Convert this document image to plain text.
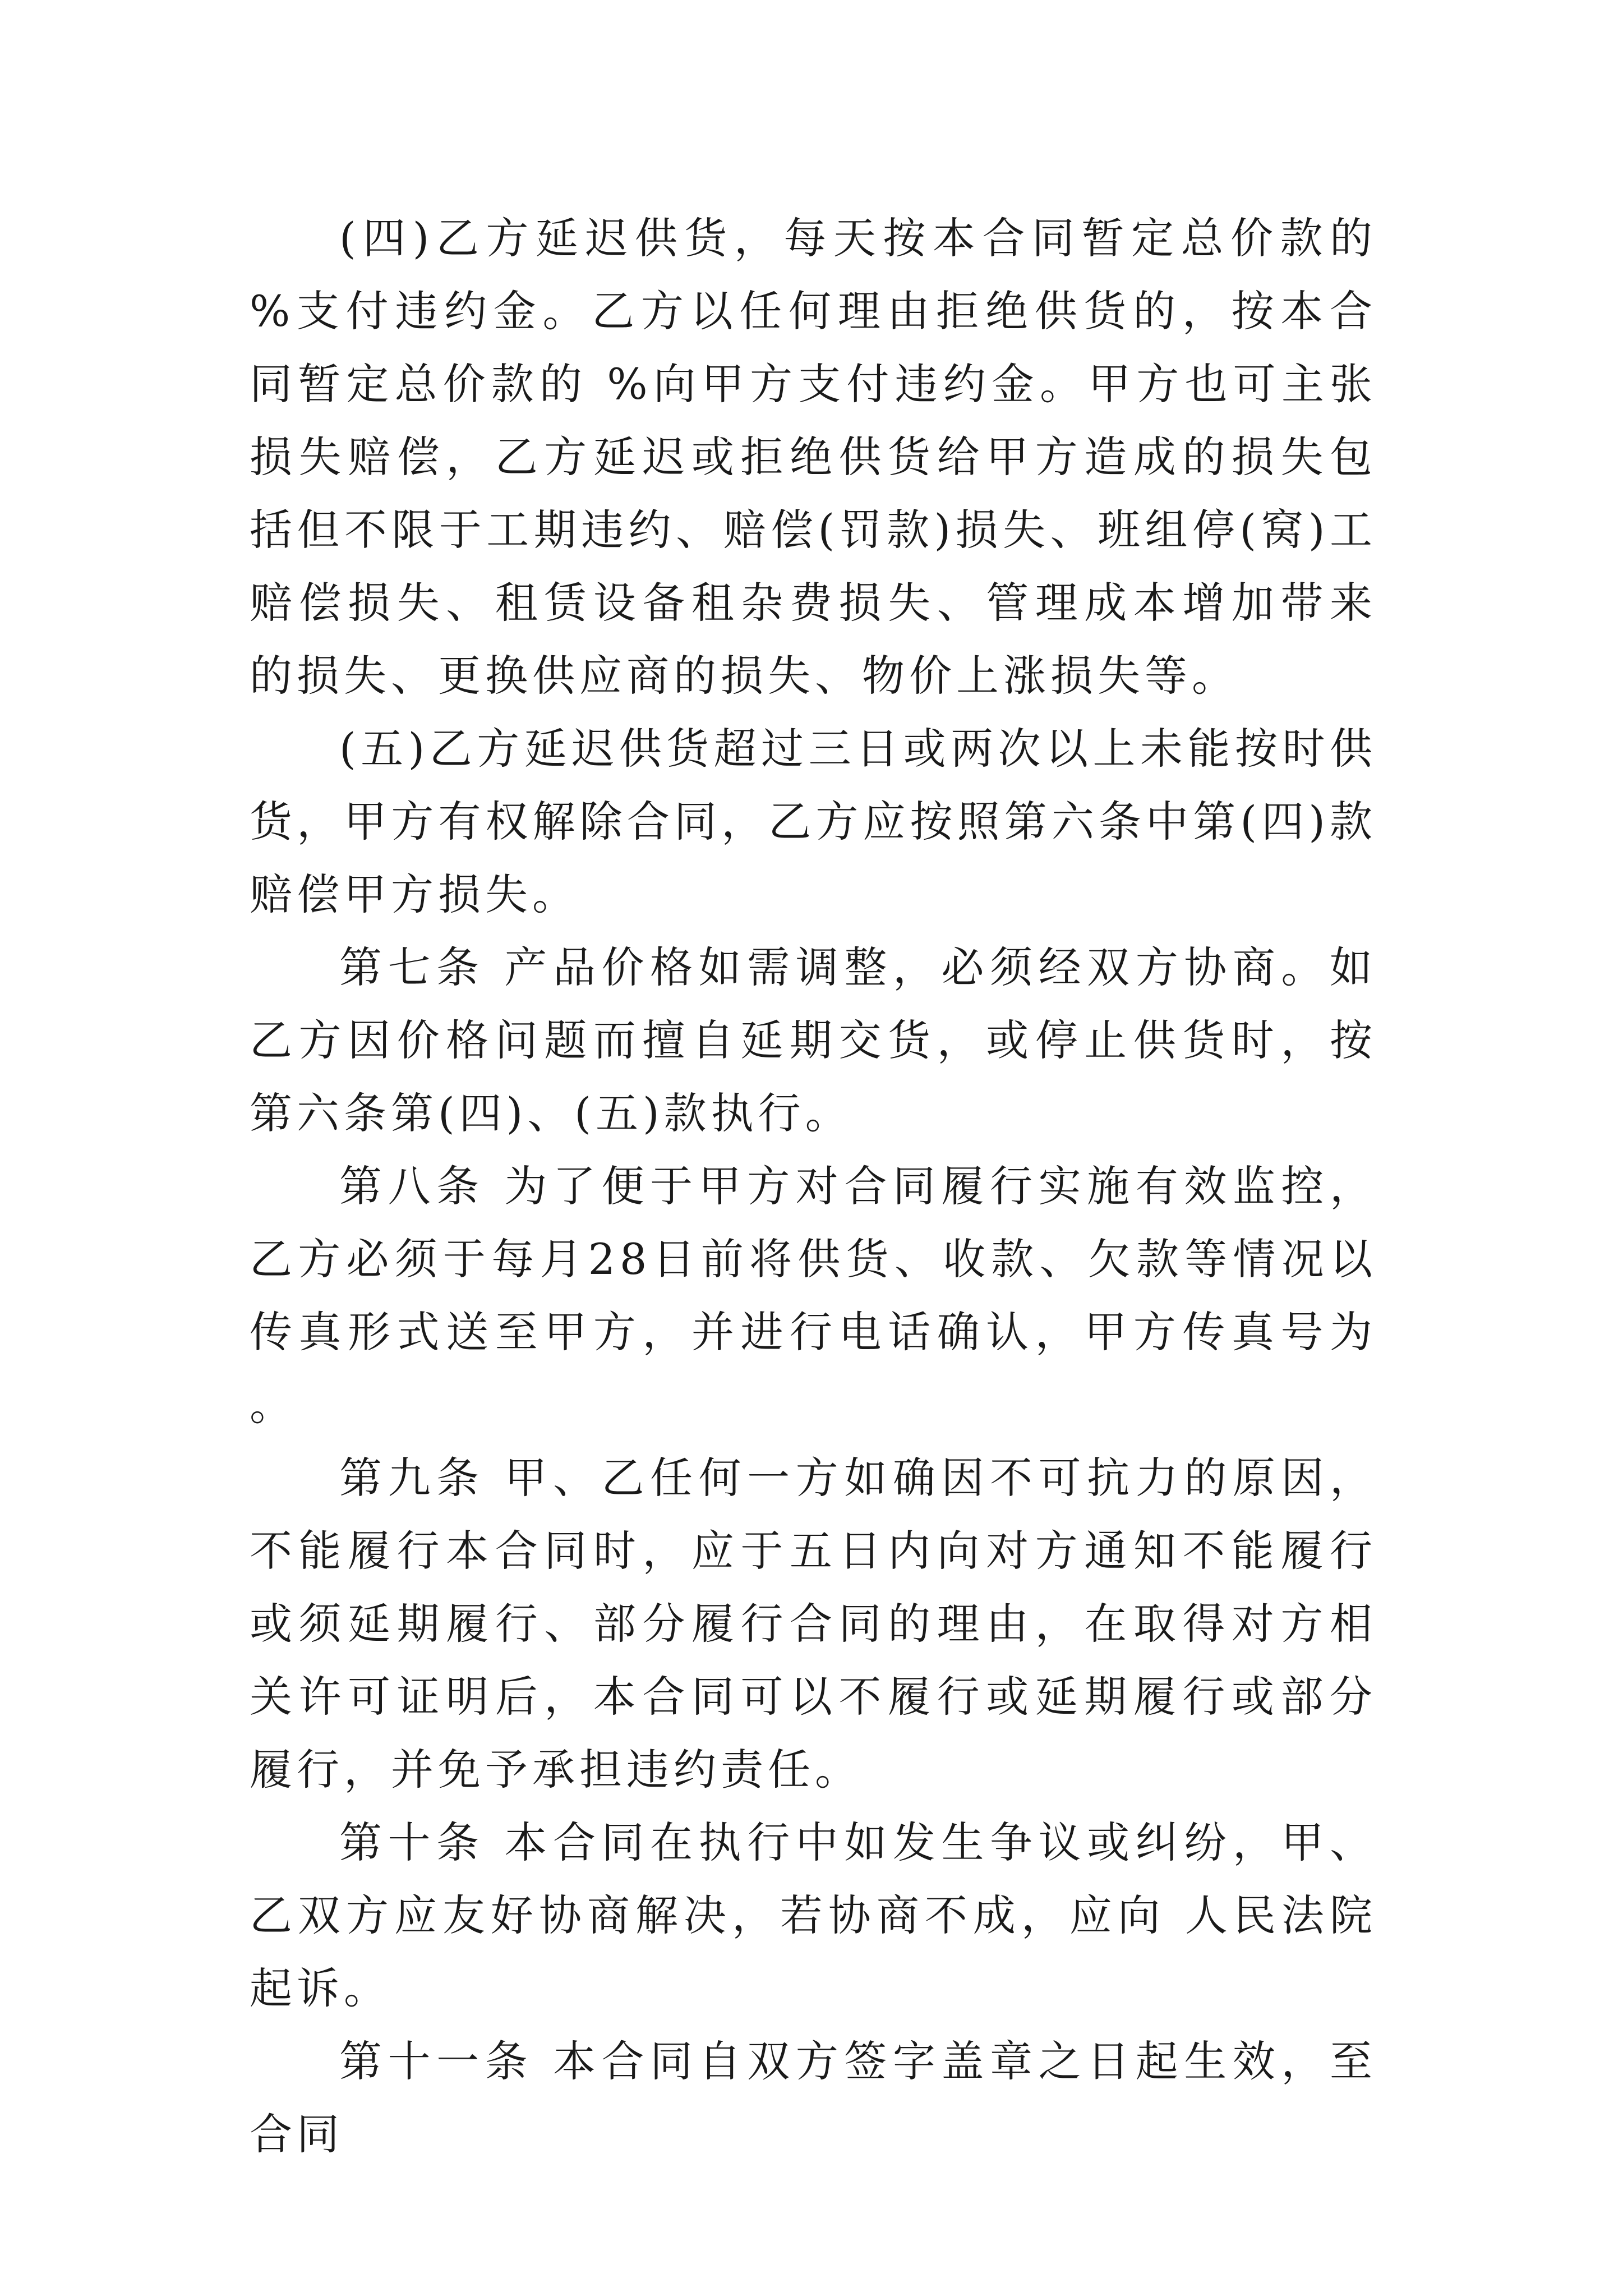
(四)乙方延迟供货，每天按本合同暂定总价款的 %支付违约金。乙方以任何理由拒绝供货的，按本合同暂定总价款的 %向甲方支付违约金。甲方也可主张损失赔偿，乙方延迟或拒绝供货给甲方造成的损失包括但不限于工期违约、赔偿(罚款)损失、班组停(窝)工赔偿损失、租赁设备租杂费损失、管理成本增加带来的损失、更换供应商的损失、物价上涨损失等。

(五)乙方延迟供货超过三日或两次以上未能按时供货，甲方有权解除合同，乙方应按照第六条中第(四)款赔偿甲方损失。

第七条 产品价格如需调整，必须经双方协商。如乙方因价格问题而擅自延期交货，或停止供货时，按第六条第(四)、(五)款执行。

第八条 为了便于甲方对合同履行实施有效监控，乙方必须于每月28日前将供货、收款、欠款等情况以传真形式送至甲方，并进行电话确认，甲方传真号为 。

第九条 甲、乙任何一方如确因不可抗力的原因，不能履行本合同时，应于五日内向对方通知不能履行或须延期履行、部分履行合同的理由，在取得对方相关许可证明后，本合同可以不履行或延期履行或部分履行，并免予承担违约责任。

第十条 本合同在执行中如发生争议或纠纷，甲、乙双方应友好协商解决，若协商不成，应向 人民法院起诉。

第十一条 本合同自双方签字盖章之日起生效，至合同
